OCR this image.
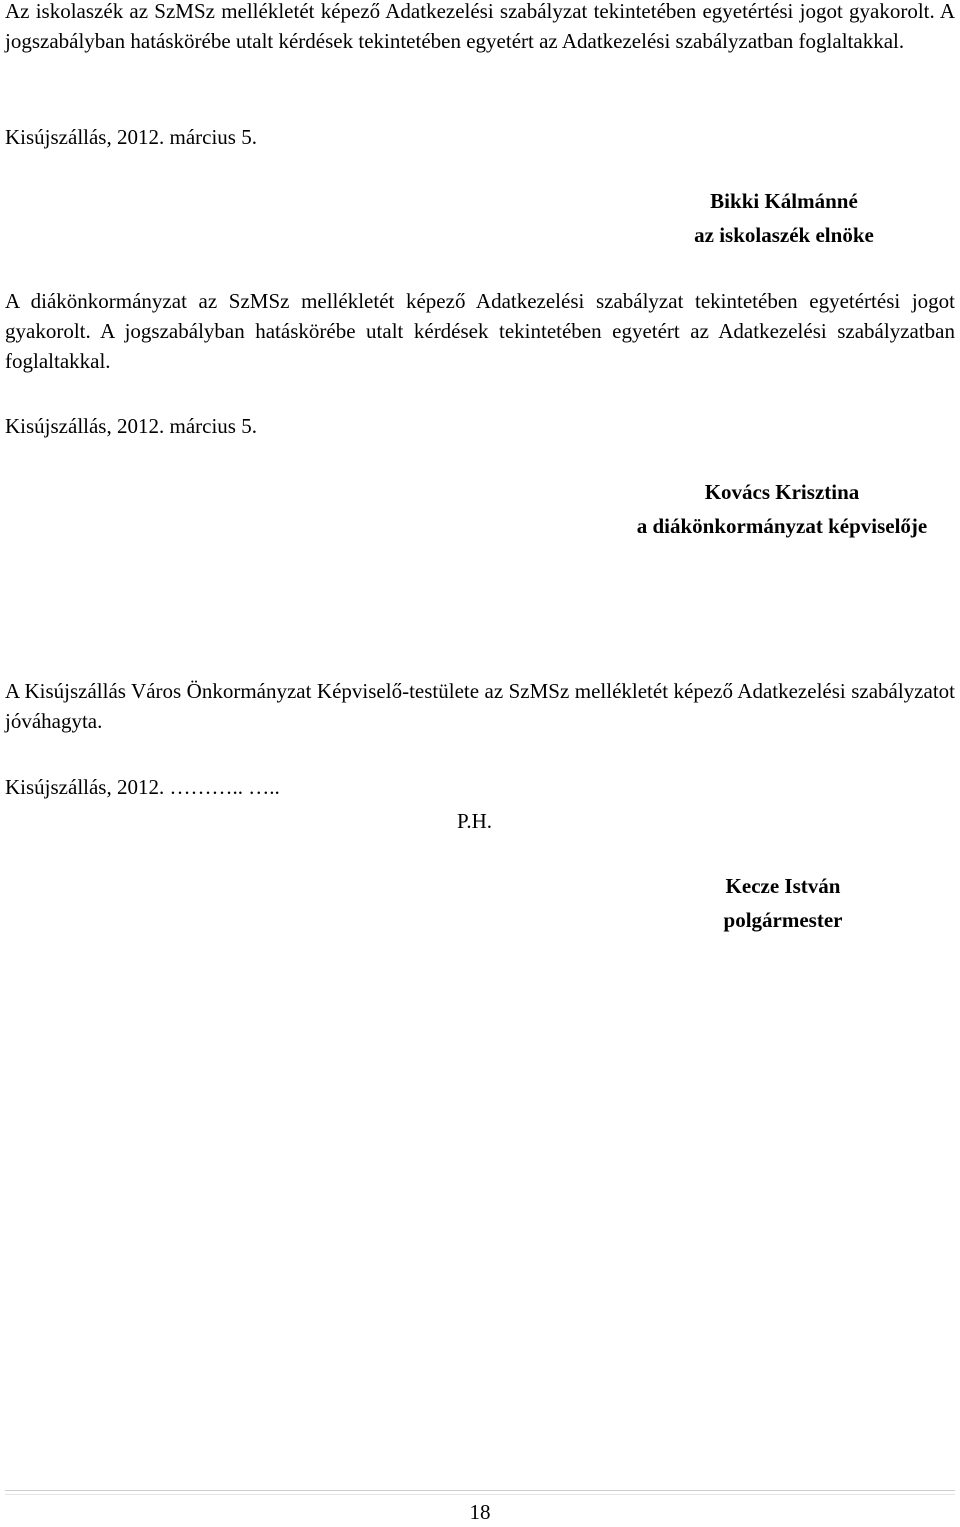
Az iskolaszék az SzMSz mellékletét képező Adatkezelési szabályzat tekintetében egyetértési jogot gyakorolt. A jogszabályban hatáskörébe utalt kérdések tekintetében egyetért az Adatkezelési szabályzatban foglaltakkal.

Kisújszállás, 2012. március 5.

Bikki Kálmánné

az iskolaszék elnöke

A diákönkormányzat az SzMSz mellékletét képező Adatkezelési szabályzat tekintetében egyetértési jogot gyakorolt. A jogszabályban hatáskörébe utalt kérdések tekintetében egyetért az Adatkezelési szabályzatban foglaltakkal.

Kisújszállás, 2012. március 5.

Kovács Krisztina

a diákönkormányzat képviselője

A Kisújszállás Város Önkormányzat Képviselő-testülete az SzMSz mellékletét képező Adatkezelési szabályzatot jóváhagyta.

Kisújszállás, 2012. ……….. …..

P.H.

Kecze István

polgármester

18
